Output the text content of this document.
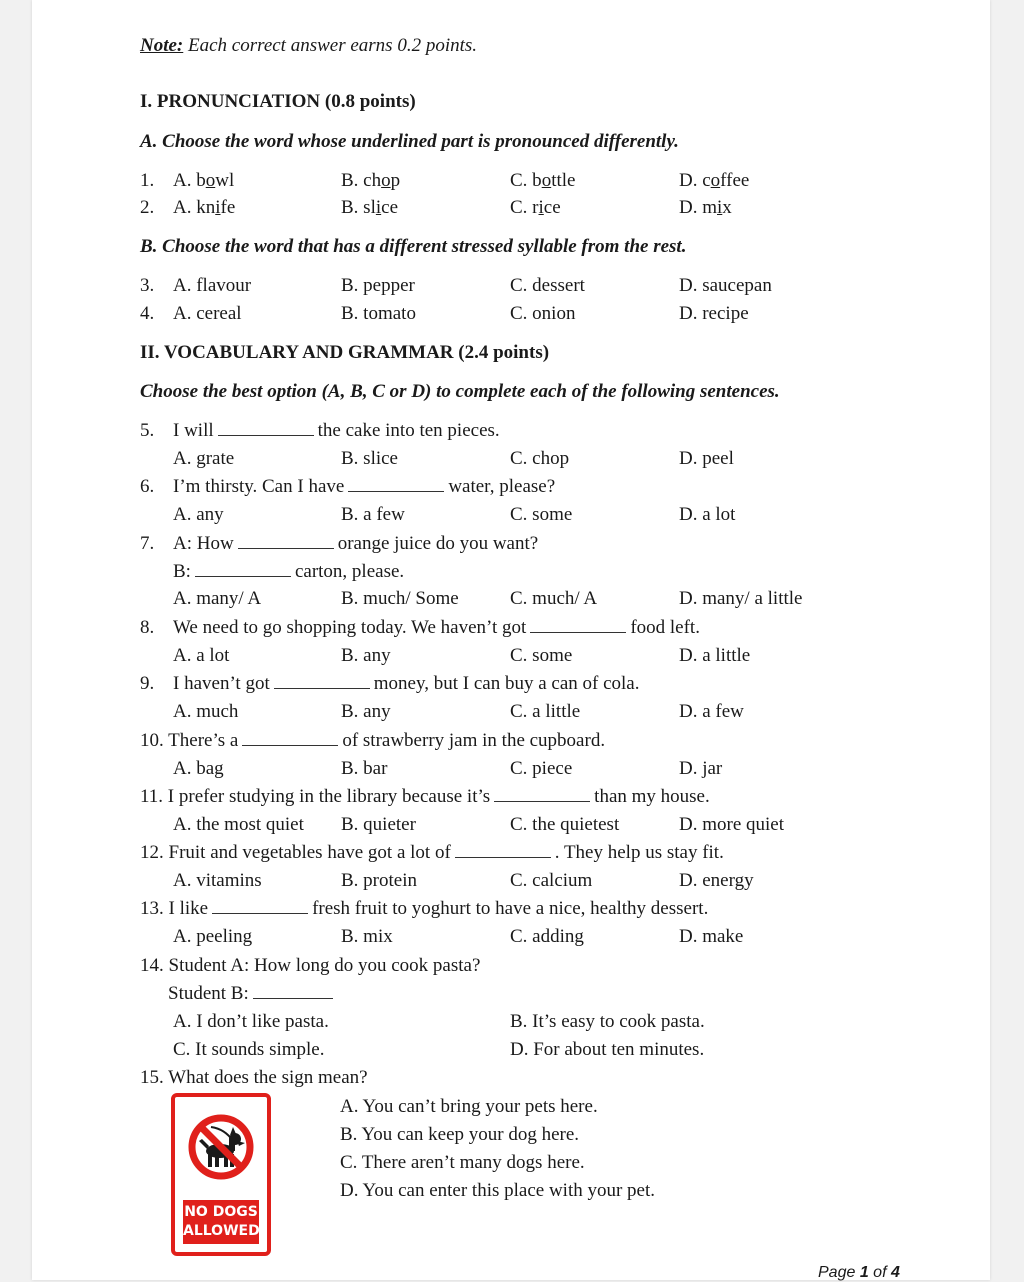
Note: Each correct answer earns 0.2 points.
I. PRONUNCIATION (0.8 points)
A. Choose the word whose underlined part is pronounced differently.
1. A. bowl	B. chop	C. bottle	D. coffee
2. A. knife	B. slice	C. rice	D. mix
B. Choose the word that has a different stressed syllable from the rest.
3. A. flavour	B. pepper	C. dessert	D. saucepan
4. A. cereal	B. tomato	C. onion	D. recipe
II. VOCABULARY AND GRAMMAR (2.4 points)
Choose the best option (A, B, C or D) to complete each of the following sentences.
5. I will	the cake into ten pieces.
A. grate	B. slice	C. chop	D. peel
6. I’m thirsty. Can I have	water, please?
A. any	B. a few	C. some	D. a lot
7. A: How	orange juice do you want?
B:	carton, please.
A. many/ A	B. much/ Some	C. much/ A	D. many/ a little
8. We need to go shopping today. We haven’t got	food left.
A. a lot	B. any	C. some	D. a little
9. I haven’t got	money, but I can buy a can of cola.
A. much	B. any	C. a little	D. a few
10. There’s a	of strawberry jam in the cupboard.
A. bag	B. bar	C. piece	D. jar
11. I prefer studying in the library because it’s	than my house.
A. the most quiet B. quieter	C. the quietest	D. more quiet
12. Fruit and vegetables have got a lot of	. They help us stay fit.
A. vitamins	B. protein	C. calcium	D. energy
13. I like	fresh fruit to yoghurt to have a nice, healthy dessert.
A. peeling	B. mix	C. adding	D. make
14. Student A: How long do you cook pasta?
Student B:
A. I don’t like pasta.	B. It’s easy to cook pasta.
C. It sounds simple.	D. For about ten minutes.
15. What does the sign mean?
A. You can’t bring your pets here.
B. You can keep your dog here.
C. There aren’t many dogs here.
D. You can enter this place with your pet.
NO DOGS
ALLOWED
Page 1 of 4
